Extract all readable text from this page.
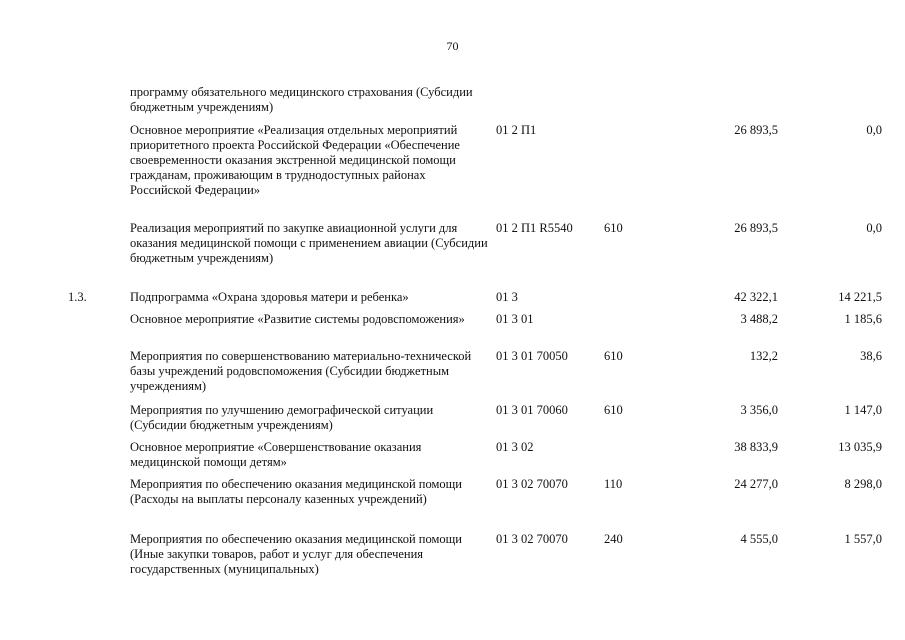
70
программу обязательного медицинского страхования (Субсидии бюджетным учреждениям)
Основное мероприятие «Реализация отдельных мероприятий приоритетного проекта Российской Федерации «Обеспечение своевременности оказания экстренной медицинской помощи гражданам, проживающим в труднодоступных районах Российской Федерации»
01 2 П1	26 893,5	0,0
Реализация мероприятий по закупке авиационной услуги для оказания медицинской помощи с применением авиации (Субсидии бюджетным учреждениям)
01 2 П1 R5540	610	26 893,5	0,0
1.3.	Подпрограмма «Охрана здоровья матери и ребенка»	01 3	42 322,1	14 221,5
Основное мероприятие «Развитие системы родовспоможения»	01 3 01	3 488,2	1 185,6
Мероприятия по совершенствованию материально-технической базы учреждений родовспоможения (Субсидии бюджетным учреждениям)
01 3 01 70050	610	132,2	38,6
Мероприятия по улучшению демографической ситуации (Субсидии бюджетным учреждениям)
01 3 01 70060	610	3 356,0	1 147,0
Основное мероприятие «Совершенствование оказания медицинской помощи детям»
01 3 02	38 833,9	13 035,9
Мероприятия по обеспечению оказания медицинской помощи (Расходы на выплаты персоналу казенных учреждений)
01 3 02 70070	110	24 277,0	8 298,0
Мероприятия по обеспечению оказания медицинской помощи (Иные закупки товаров, работ и услуг для обеспечения государственных (муниципальных)
01 3 02 70070	240	4 555,0	1 557,0
